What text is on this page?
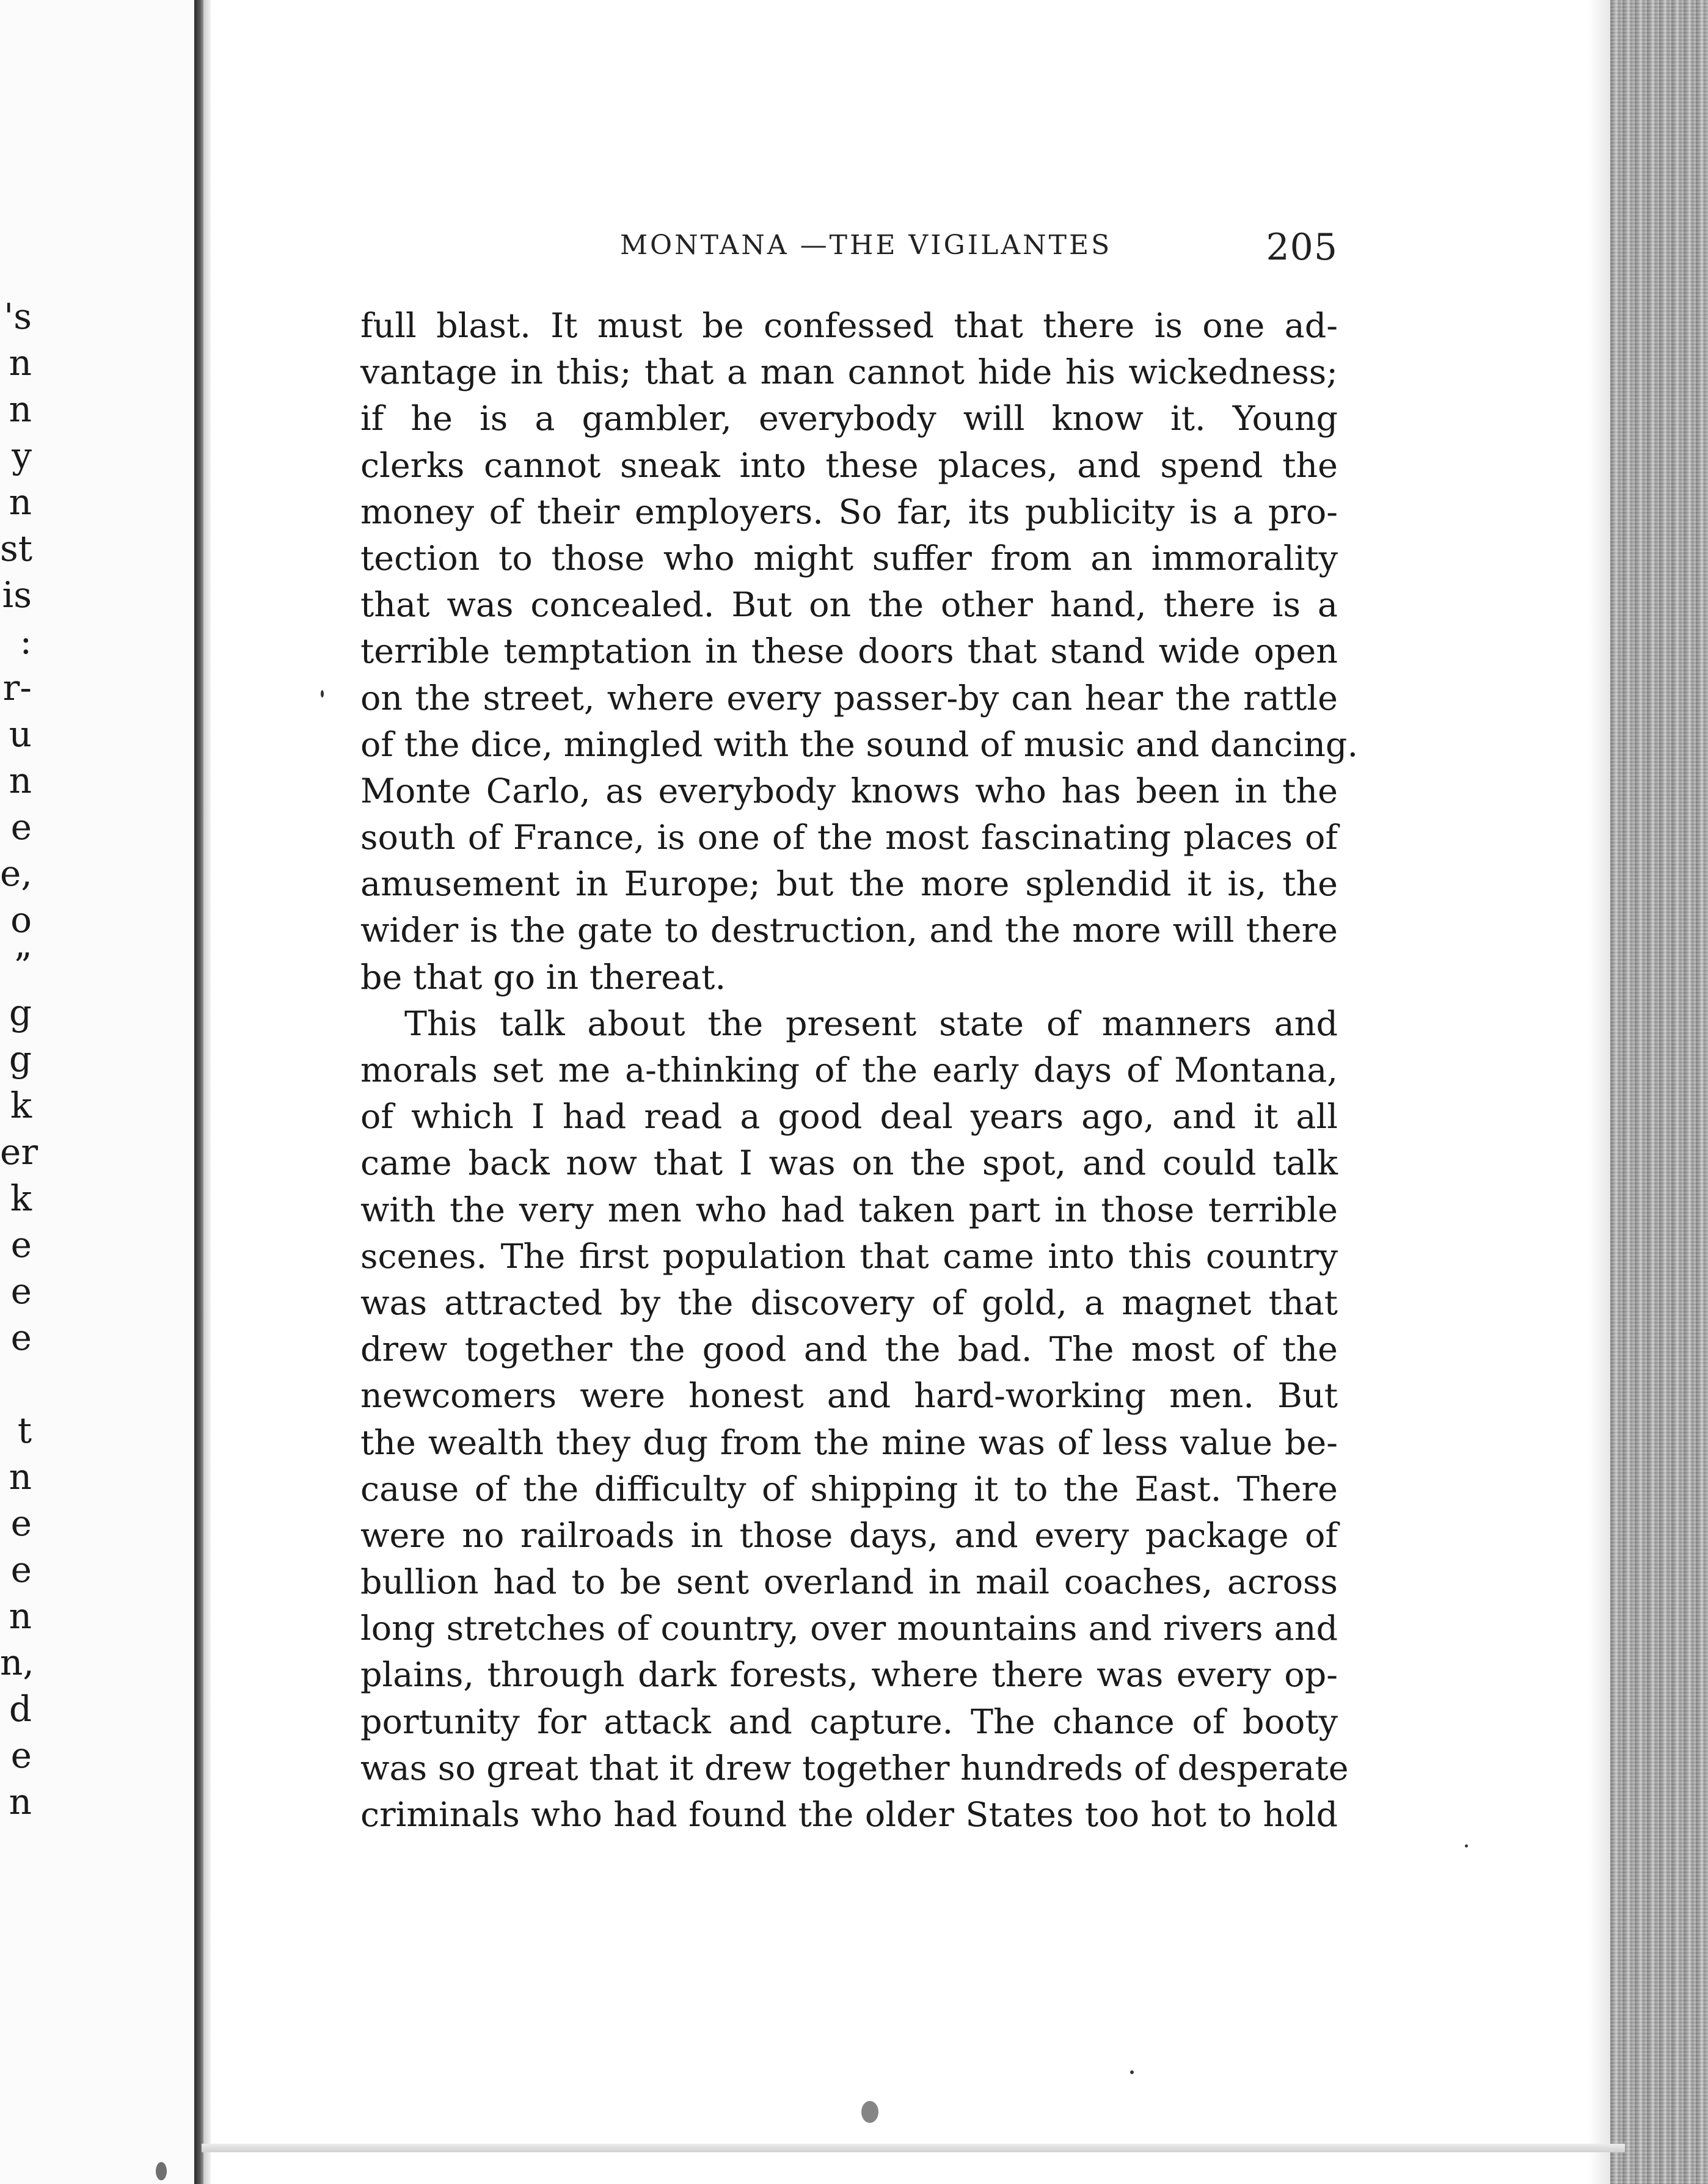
's
n
n
y
n
st
is
:
r-
u
n
e
e,
o
”
g
g
k
er
k
e
e
e
t
n
e
e
n
n,
d
e
n
MONTANA —THE VIGILANTES	205
full blast. It must be confessed that there is one ad-
vantage in this; that a man cannot hide his wickedness;
if he is a gambler, everybody will know it. Young
clerks cannot sneak into these places, and spend the
money of their employers. So far, its publicity is a pro-
tection to those who might suffer from an immorality
that was concealed. But on the other hand, there is a
terrible temptation in these doors that stand wide open
on the street, where every passer-by can hear the rattle
of the dice, mingled with the sound of music and dancing.
Monte Carlo, as everybody knows who has been in the
south of France, is one of the most fascinating places of
amusement in Europe; but the more splendid it is, the
wider is the gate to destruction, and the more will there
be that go in thereat.
This talk about the present state of manners and
morals set me a-thinking of the early days of Montana,
of which I had read a good deal years ago, and it all
came back now that I was on the spot, and could talk
with the very men who had taken part in those terrible
scenes. The first population that came into this country
was attracted by the discovery of gold, a magnet that
drew together the good and the bad. The most of the
newcomers were honest and hard-working men. But
the wealth they dug from the mine was of less value be-
cause of the difficulty of shipping it to the East. There
were no railroads in those days, and every package of
bullion had to be sent overland in mail coaches, across
long stretches of country, over mountains and rivers and
plains, through dark forests, where there was every op-
portunity for attack and capture. The chance of booty
was so great that it drew together hundreds of desperate
criminals who had found the older States too hot to hold
